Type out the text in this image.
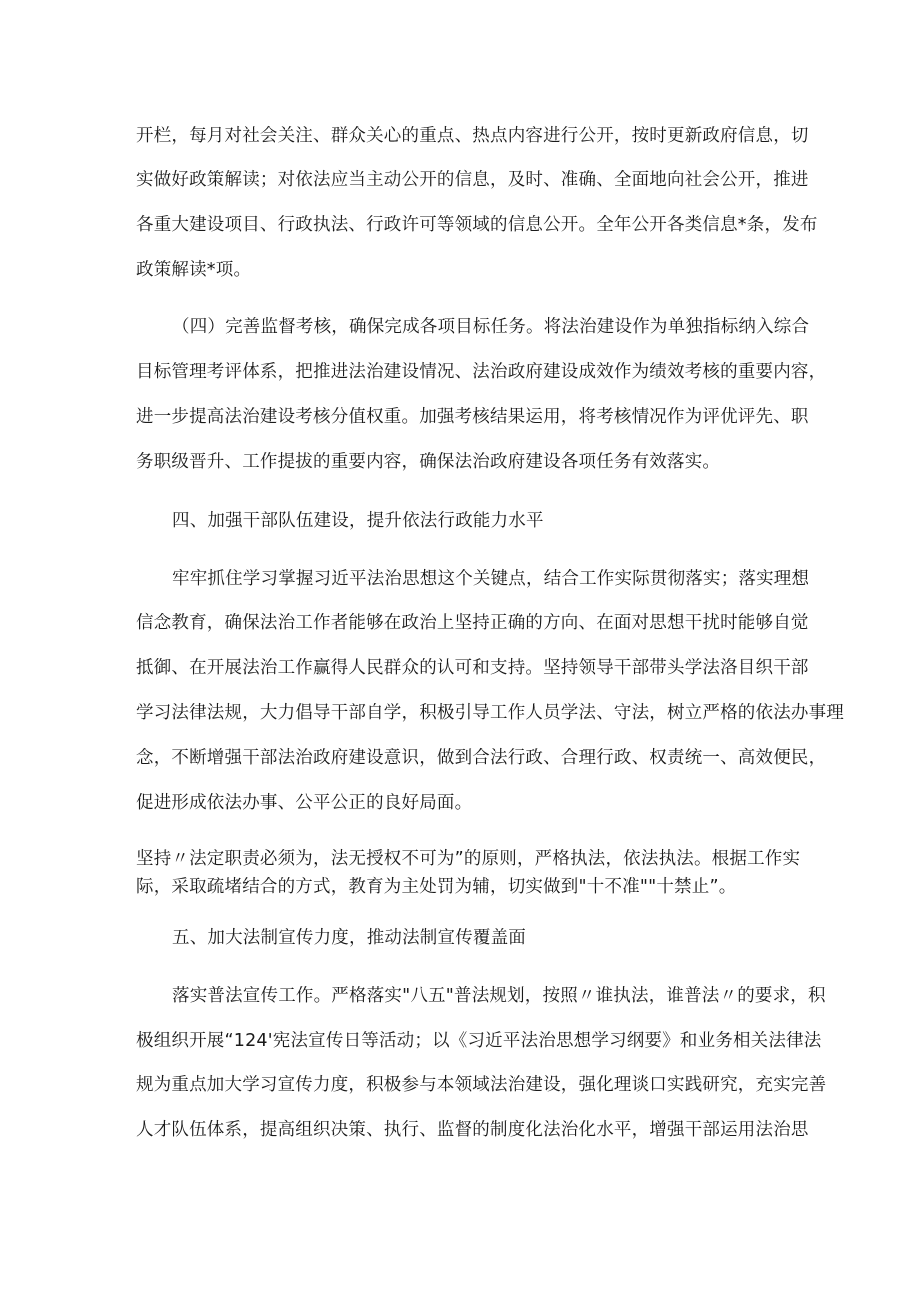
开栏，每月对社会关注、群众关心的重点、热点内容进行公开，按时更新政府信息，切
实做好政策解读；对依法应当主动公开的信息，及时、准确、全面地向社会公开，推进
各重大建设项目、行政执法、行政许可等领域的信息公开。全年公开各类信息*条，发布
政策解读*项。
（四）完善监督考核，确保完成各项目标任务。将法治建设作为单独指标纳入综合
目标管理考评体系，把推进法治建设情况、法治政府建设成效作为绩效考核的重要内容，
进一步提高法治建设考核分值权重。加强考核结果运用，将考核情况作为评优评先、职
务职级晋升、工作提拔的重要内容，确保法治政府建设各项任务有效落实。
四、加强干部队伍建设，提升依法行政能力水平
牢牢抓住学习掌握习近平法治思想这个关键点，结合工作实际贯彻落实；落实理想
信念教育，确保法治工作者能够在政治上坚持正确的方向、在面对思想干扰时能够自觉
抵御、在开展法治工作赢得人民群众的认可和支持。坚持领导干部带头学法洛目织干部
学习法律法规，大力倡导干部自学，积极引导工作人员学法、守法，树立严格的依法办事理
念，不断增强干部法治政府建设意识，做到合法行政、合理行政、权责统一、高效便民，
促进形成依法办事、公平公正的良好局面。
坚持〃法定职责必须为，法无授权不可为”的原则，严格执法，依法执法。根据工作实
际，采取疏堵结合的方式，教育为主处罚为辅，切实做到"十不准""十禁止”。
五、加大法制宣传力度，推动法制宣传覆盖面
落实普法宣传工作。严格落实"八五"普法规划，按照〃谁执法，谁普法〃的要求，积
极组织开展“124'宪法宣传日等活动；以《习近平法治思想学习纲要》和业务相关法律法
规为重点加大学习宣传力度，积极参与本领域法治建设，强化理谈口实践研究，充实完善
人才队伍体系，提高组织决策、执行、监督的制度化法治化水平，增强干部运用法治思
